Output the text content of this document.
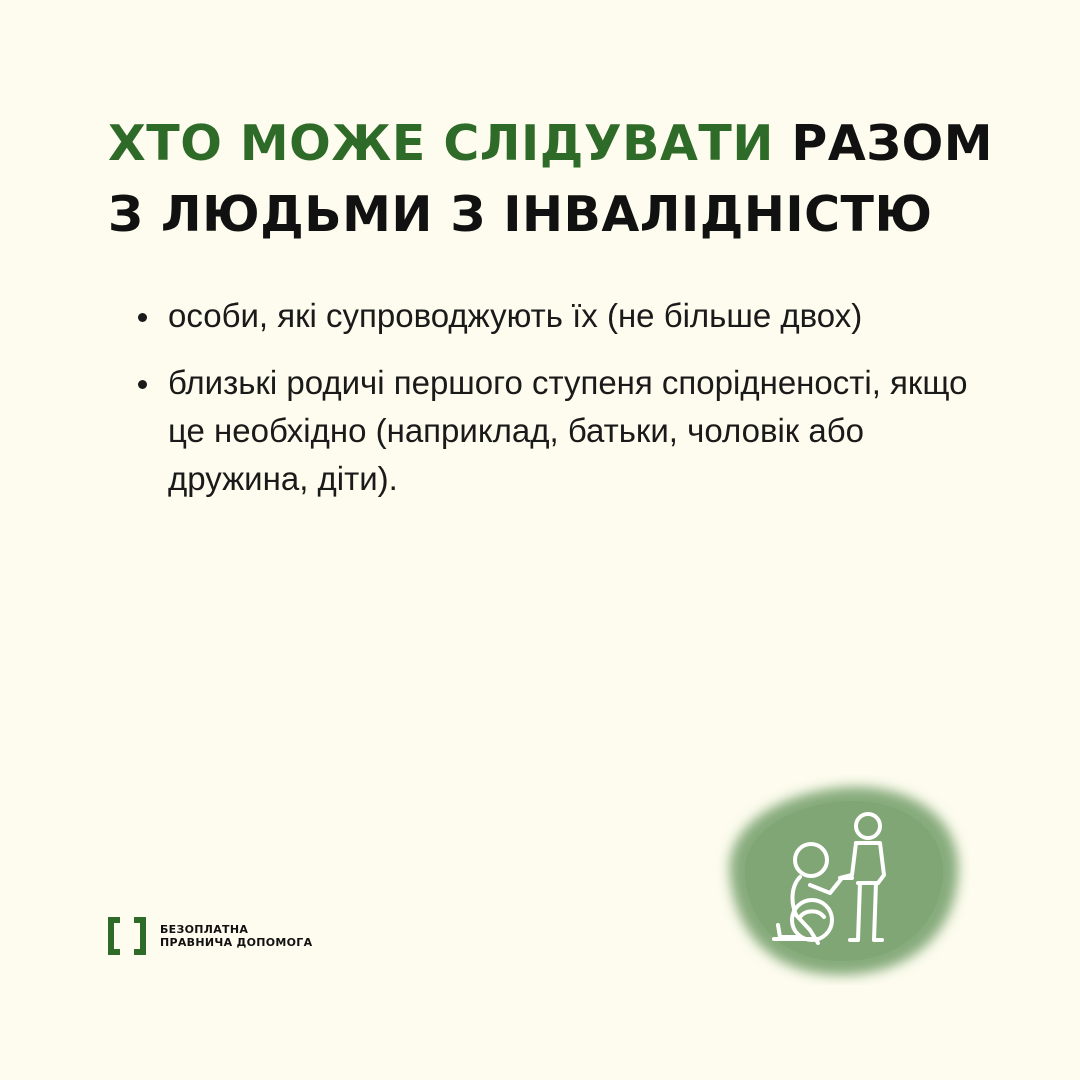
ХТО МОЖЕ СЛІДУВАТИ РАЗОМ
З ЛЮДЬМИ З ІНВАЛІДНІСТЮ
особи, які супроводжують їх (не більше двох)
близькі родичі першого ступеня спорідненості, якщо це необхідно (наприклад, батьки, чоловік або дружина, діти).
БЕЗОПЛАТНА
ПРАВНИЧА ДОПОМОГА
